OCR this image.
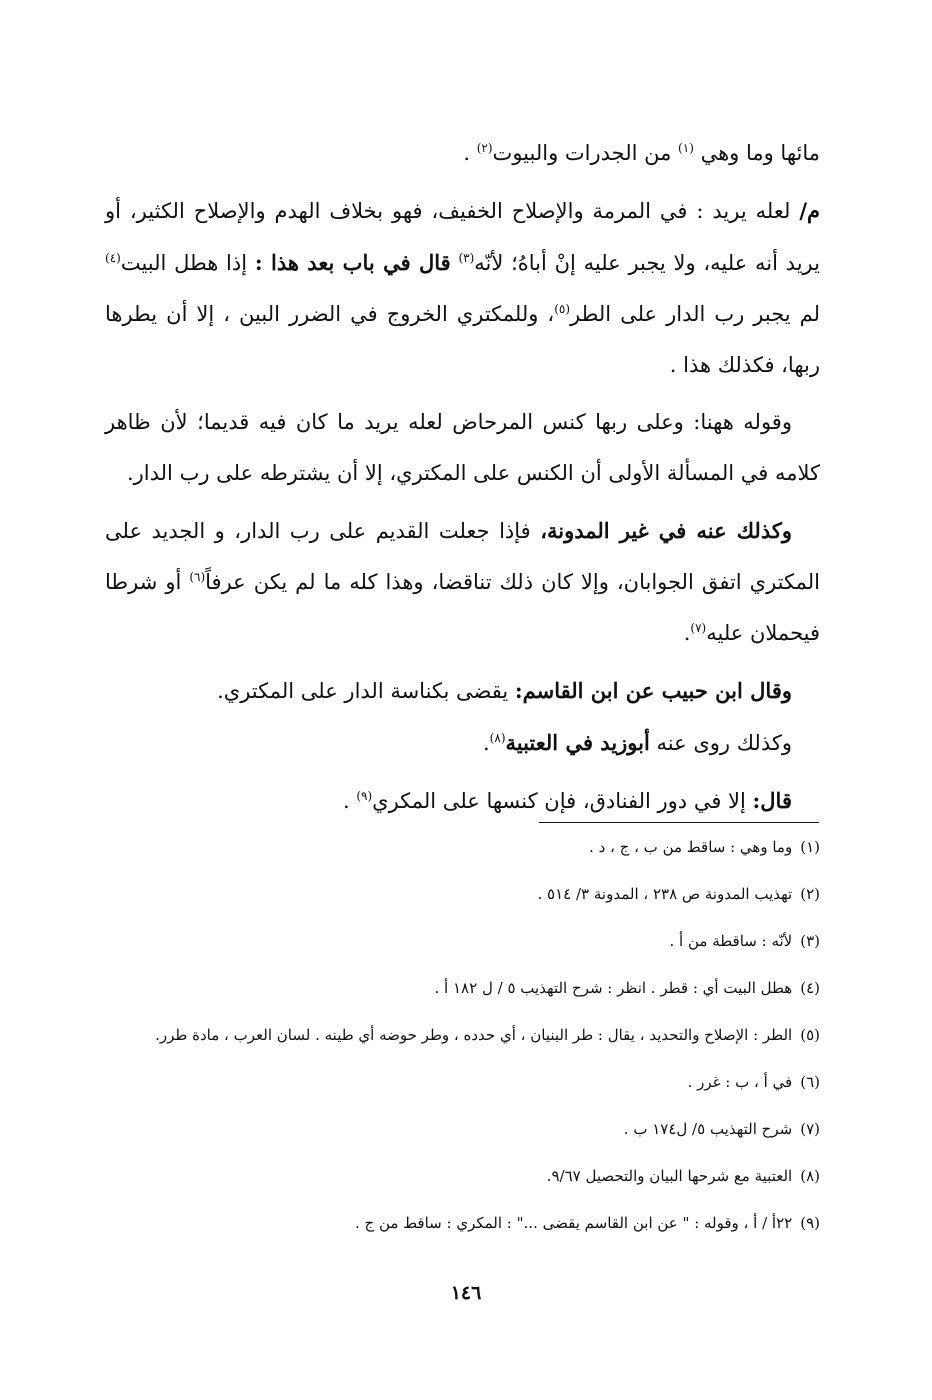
مائها وما وهي $^{(١)}$ من الجدرات والبيوت$^{(٢)}$ .

م/ لعله يريد : في المرمة والإصلاح الخفيف، فهو بخلاف الهدم والإصلاح الكثير، أو يريد أنه عليه، ولا يجبر عليه إنْ أباهُ؛ لأنّه$^{(٣)}$ قال في باب بعد هذا : إذا هطل البيت$^{(٤)}$ لم يجبر رب الدار على الطر$^{(٥)}$، وللمكتري الخروج في الضرر البين ، إلا أن يطرها ربها، فكذلك هذا .

وقوله ههنا: وعلى ربها كنس المرحاض لعله يريد ما كان فيه قديما؛ لأن ظاهر كلامه في المسألة الأولى أن الكنس على المكتري، إلا أن يشترطه على رب الدار.

وكذلك عنه في غير المدونة، فإذا جعلت القديم على رب الدار، و الجديد على المكتري اتفق الجوابان، وإلا كان ذلك تناقضا، وهذا كله ما لم يكن عرفاً$^{(٦)}$ أو شرطا فيحملان عليه$^{(٧)}$.

وقال ابن حبيب عن ابن القاسم: يقضى بكناسة الدار على المكتري.

وكذلك روى عنه أبوزيد في العتبية$^{(٨)}$.

قال: إلا في دور الفنادق، فإن كنسها على المكري$^{(٩)}$ .

(١)وما وهي : ساقط من ب ، ج ، د .

(٢)تهذيب المدونة ص ٢٣٨ ، المدونة ٣/ ٥١٤ .

(٣)لأنّه : ساقطة من أ .

(٤)هطل البيت أي : قطر . انظر : شرح التهذيب ٥ / ل ١٨٢ أ .

(٥)الطر : الإصلاح والتحديد ، يقال : طر البنيان ، أي حدده ، وطر حوضه أي طينه . لسان العرب ، مادة طرر.

(٦)في أ ، ب : غرر .

(٧)شرح التهذيب ٥/ ل١٧٤ ب .

(٨)العتبية مع شرحها البيان والتحصيل ٩/٦٧.

(٩)٢٢أ / أ ، وقوله : " عن ابن القاسم يقضى ..." : المكري : ساقط من ج .

١٤٦
